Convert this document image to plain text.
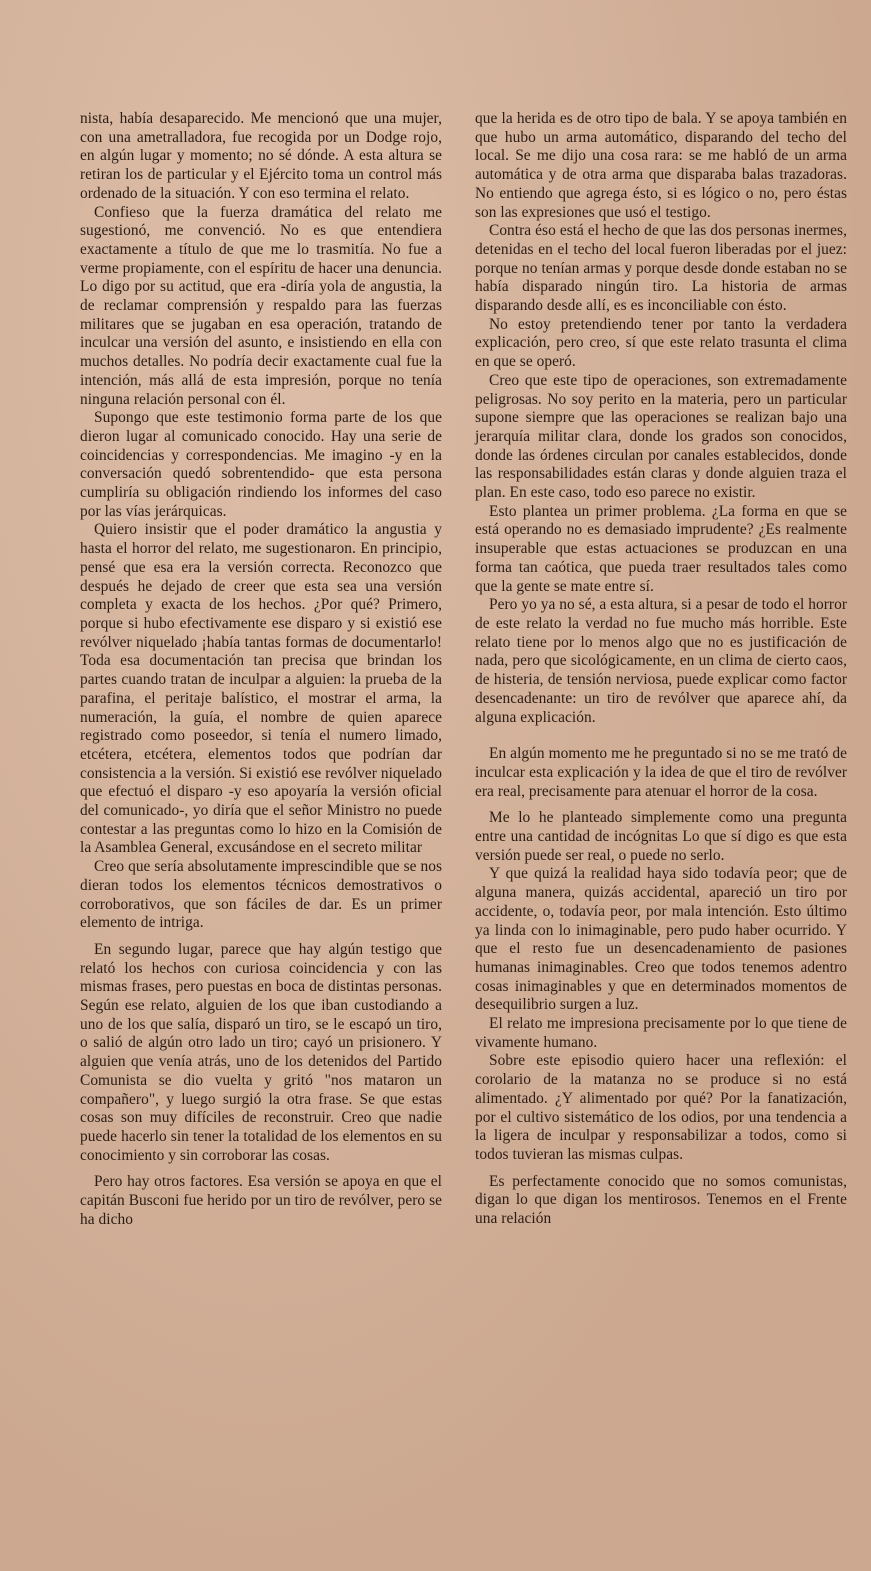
nista, había desaparecido. Me mencionó que una mujer, con una ametralladora, fue recogida por un Dodge rojo, en algún lugar y momento; no sé dónde. A esta altura se retiran los de particular y el Ejército toma un control más ordenado de la situación. Y con eso termina el relato.

Confieso que la fuerza dramática del relato me sugestionó, me convenció. No es que entendiera exactamente a título de que me lo trasmitía. No fue a verme propiamente, con el espíritu de hacer una denuncia. Lo digo por su actitud, que era -diría yola de angustia, la de reclamar comprensión y respaldo para las fuerzas militares que se jugaban en esa operación, tratando de inculcar una versión del asunto, e insistiendo en ella con muchos detalles. No podría decir exactamente cual fue la intención, más allá de esta impresión, porque no tenía ninguna relación personal con él.

Supongo que este testimonio forma parte de los que dieron lugar al comunicado conocido. Hay una serie de coincidencias y correspondencias. Me imagino -y en la conversación quedó sobrentendido- que esta persona cumpliría su obligación rindiendo los informes del caso por las vías jerárquicas.

Quiero insistir que el poder dramático la angustia y hasta el horror del relato, me sugestionaron. En principio, pensé que esa era la versión correcta. Reconozco que después he dejado de creer que esta sea una versión completa y exacta de los hechos. ¿Por qué? Primero, porque si hubo efectivamente ese disparo y si existió ese revólver niquelado ¡había tantas formas de documentarlo! Toda esa documentación tan precisa que brindan los partes cuando tratan de inculpar a alguien: la prueba de la parafina, el peritaje balístico, el mostrar el arma, la numeración, la guía, el nombre de quien aparece registrado como poseedor, si tenía el numero limado, etcétera, etcétera, elementos todos que podrían dar consistencia a la versión. Si existió ese revólver niquelado que efectuó el disparo -y eso apoyaría la versión oficial del comunicado-, yo diría que el señor Ministro no puede contestar a las preguntas como lo hizo en la Comisión de la Asamblea General, excusándose en el secreto militar

Creo que sería absolutamente imprescindible que se nos dieran todos los elementos técnicos demostrativos o corroborativos, que son fáciles de dar. Es un primer elemento de intriga.

En segundo lugar, parece que hay algún testigo que relató los hechos con curiosa coincidencia y con las mismas frases, pero puestas en boca de distintas personas. Según ese relato, alguien de los que iban custodiando a uno de los que salía, disparó un tiro, se le escapó un tiro, o salió de algún otro lado un tiro; cayó un prisionero. Y alguien que venía atrás, uno de los detenidos del Partido Comunista se dio vuelta y gritó "nos mataron un compañero", y luego surgió la otra frase. Se que estas cosas son muy difíciles de reconstruir. Creo que nadie puede hacerlo sin tener la totalidad de los elementos en su conocimiento y sin corroborar las cosas.

Pero hay otros factores. Esa versión se apoya en que el capitán Busconi fue herido por un tiro de revólver, pero se ha dicho

que la herida es de otro tipo de bala. Y se apoya también en que hubo un arma automático, disparando del techo del local. Se me dijo una cosa rara: se me habló de un arma automática y de otra arma que disparaba balas trazadoras. No entiendo que agrega ésto, si es lógico o no, pero éstas son las expresiones que usó el testigo.

Contra éso está el hecho de que las dos personas inermes, detenidas en el techo del local fueron liberadas por el juez: porque no tenían armas y porque desde donde estaban no se había disparado ningún tiro. La historia de armas disparando desde allí, es es inconciliable con ésto.

No estoy pretendiendo tener por tanto la verdadera explicación, pero creo, sí que este relato trasunta el clima en que se operó.

Creo que este tipo de operaciones, son extremadamente peligrosas. No soy perito en la materia, pero un particular supone siempre que las operaciones se realizan bajo una jerarquía militar clara, donde los grados son conocidos, donde las órdenes circulan por canales establecidos, donde las responsabilidades están claras y donde alguien traza el plan. En este caso, todo eso parece no existir.

Esto plantea un primer problema. ¿La forma en que se está operando no es demasiado imprudente? ¿Es realmente insuperable que estas actuaciones se produzcan en una forma tan caótica, que pueda traer resultados tales como que la gente se mate entre sí.

Pero yo ya no sé, a esta altura, si a pesar de todo el horror de este relato la verdad no fue mucho más horrible. Este relato tiene por lo menos algo que no es justificación de nada, pero que sicológicamente, en un clima de cierto caos, de histeria, de tensión nerviosa, puede explicar como factor desencadenante: un tiro de revólver que aparece ahí, da alguna explicación.

En algún momento me he preguntado si no se me trató de inculcar esta explicación y la idea de que el tiro de revólver era real, precisamente para atenuar el horror de la cosa.

Me lo he planteado simplemente como una pregunta entre una cantidad de incógnitas Lo que sí digo es que esta versión puede ser real, o puede no serlo.

Y que quizá la realidad haya sido todavía peor; que de alguna manera, quizás accidental, apareció un tiro por accidente, o, todavía peor, por mala intención. Esto último ya linda con lo inimaginable, pero pudo haber ocurrido. Y que el resto fue un desencadenamiento de pasiones humanas inimaginables. Creo que todos tenemos adentro cosas inimaginables y que en determinados momentos de desequilibrio surgen a luz.

El relato me impresiona precisamente por lo que tiene de vivamente humano.

Sobre este episodio quiero hacer una reflexión: el corolario de la matanza no se produce si no está alimentado. ¿Y alimentado por qué? Por la fanatización, por el cultivo sistemático de los odios, por una tendencia a la ligera de inculpar y responsabilizar a todos, como si todos tuvieran las mismas culpas.

Es perfectamente conocido que no somos comunistas, digan lo que digan los mentirosos. Tenemos en el Frente una relación
